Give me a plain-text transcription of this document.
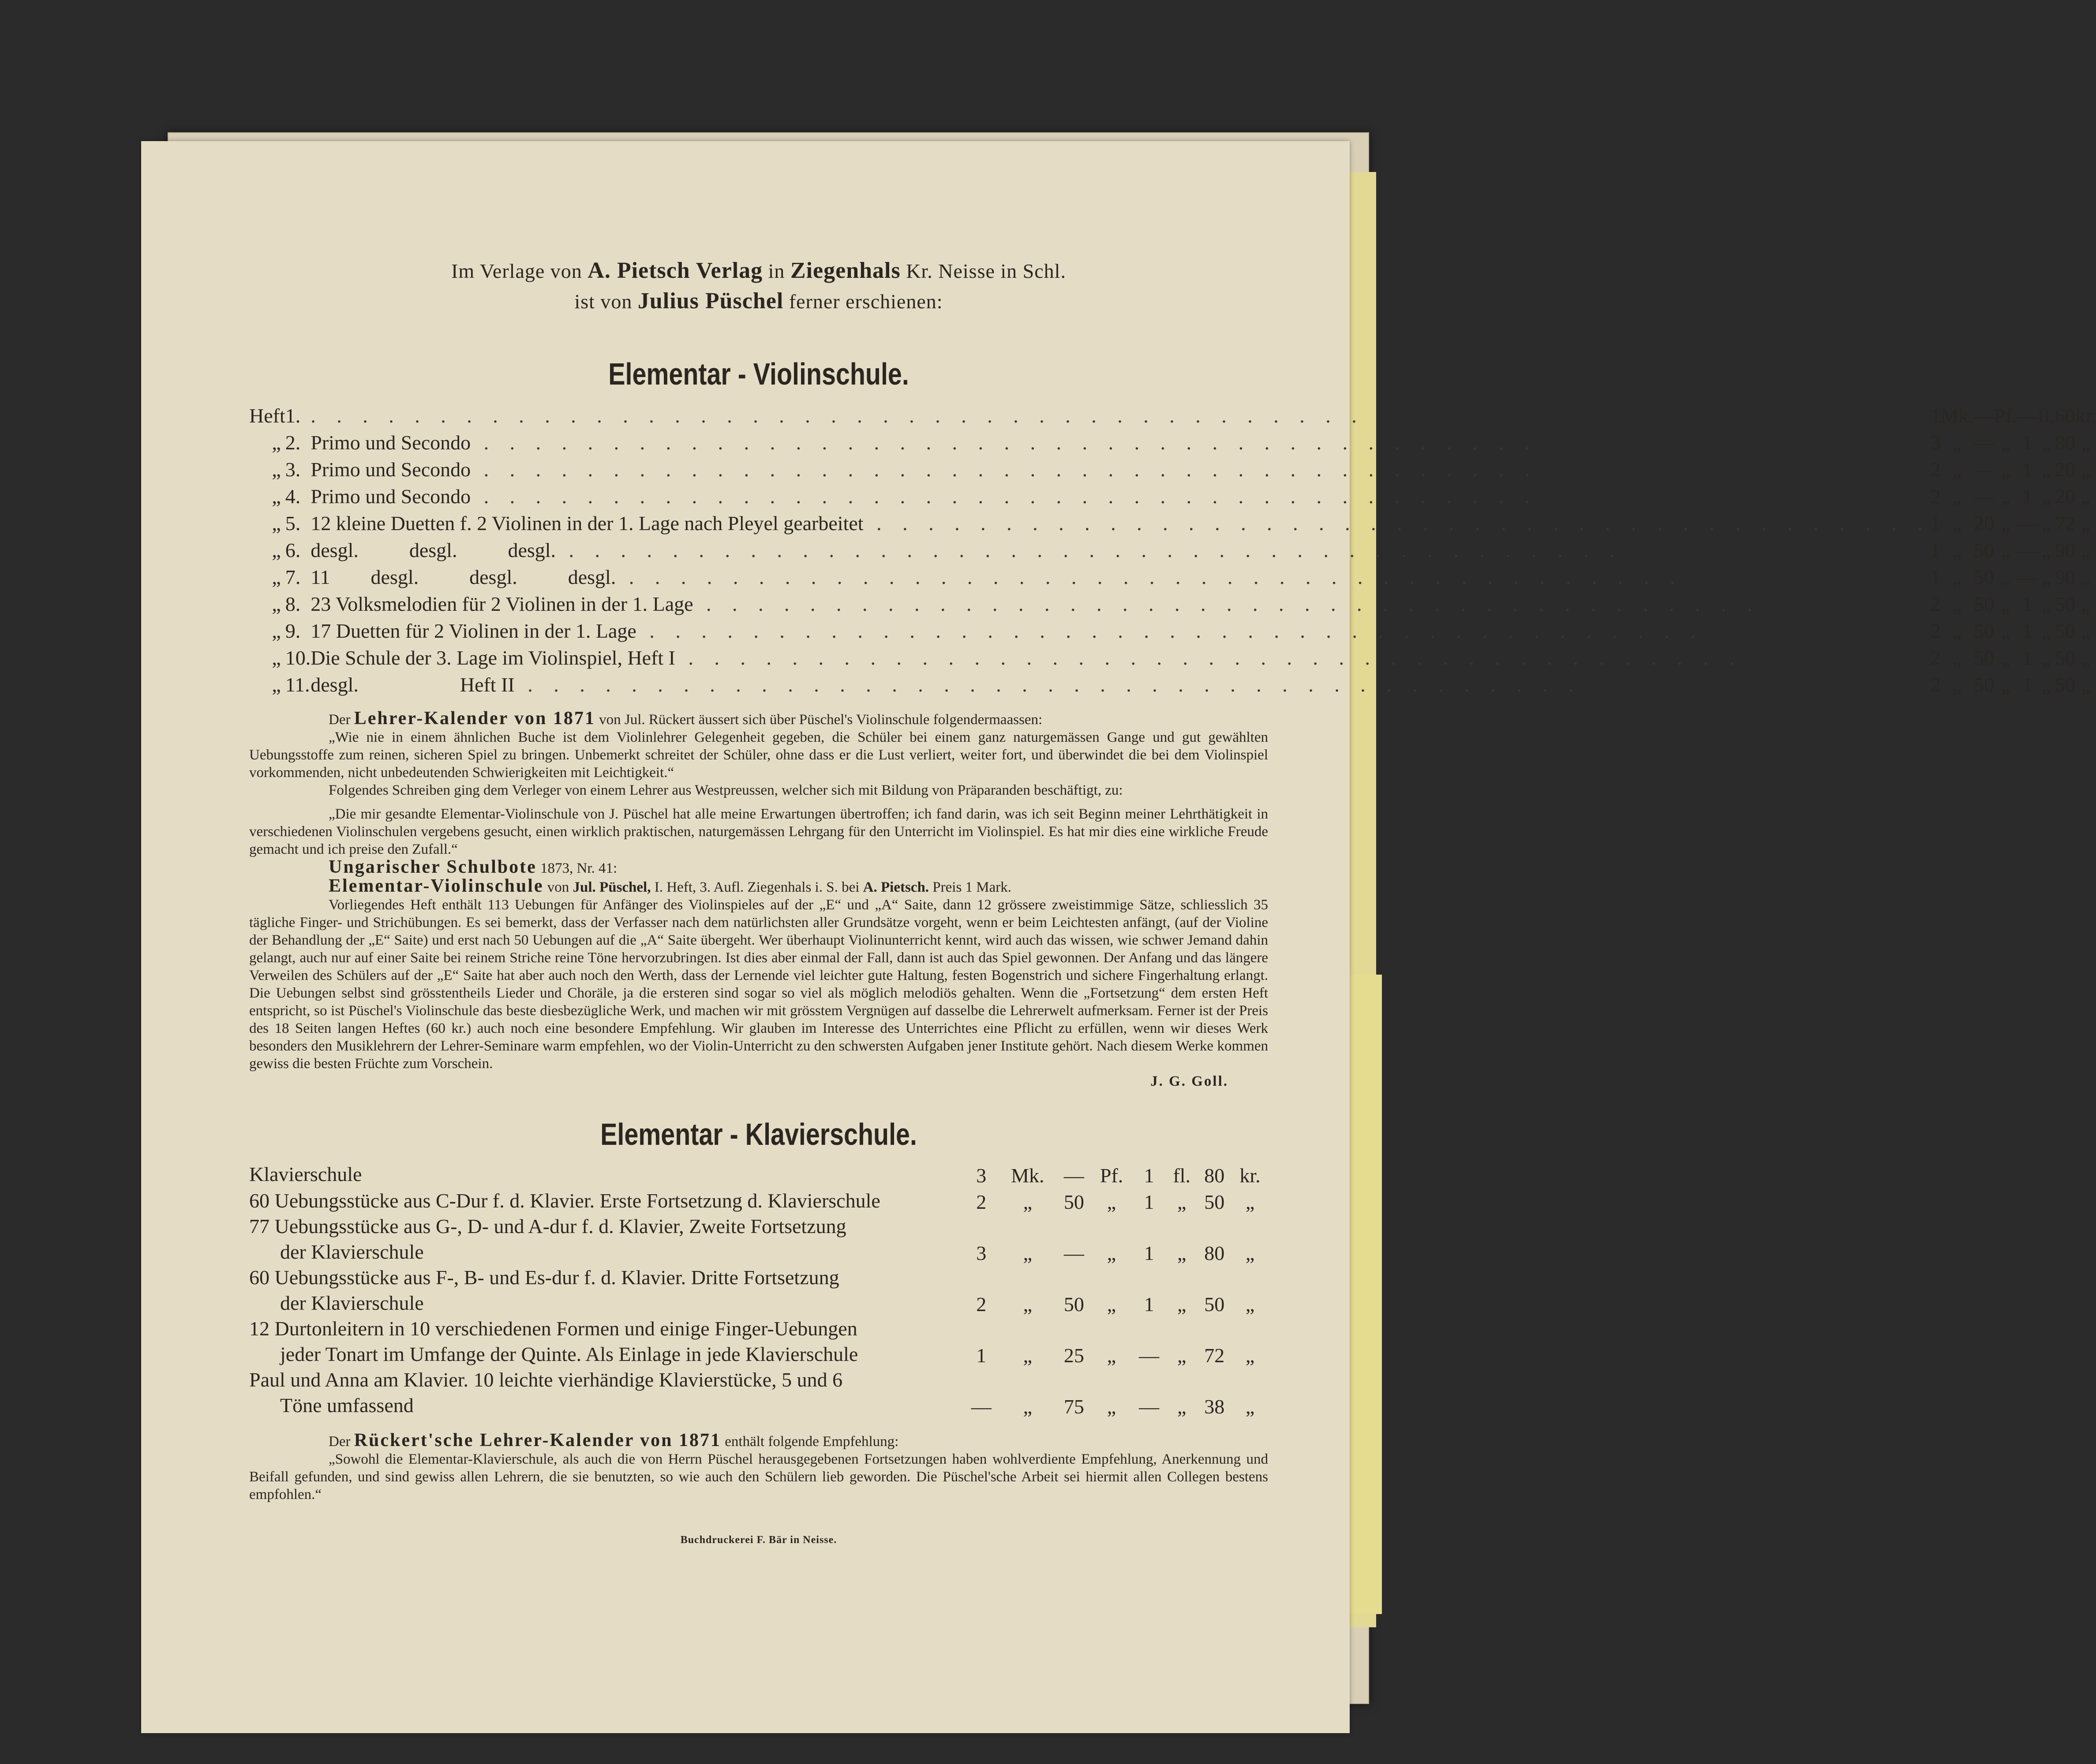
Im Verlage von A. Pietsch Verlag in Ziegenhals Kr. Neisse in Schl.
ist von Julius Püschel ferner erschienen:
Elementar - Violinschule.
Heft	1.	. . . . . . . . . . . . . . . . . . . . . . . . . . . . . . . . . . . . . . . . .	1	Mk.	—	Pf.	—	fl.	60	kr.
„	2.	Primo und Secondo . . . . . . . . . . . . . . . . . . . . . . . . . . . . . . . . . . . . . . . . .	3	„	—	„	1	„	80	„
„	3.	Primo und Secondo . . . . . . . . . . . . . . . . . . . . . . . . . . . . . . . . . . . . . . . . .	2	„	—	„	1	„	20	„
„	4.	Primo und Secondo . . . . . . . . . . . . . . . . . . . . . . . . . . . . . . . . . . . . . . . . .	2	„	—	„	1	„	20	„
„	5.	12 kleine Duetten f. 2 Violinen in der 1. Lage nach Pleyel gearbeitet . . . . . . . . . . . . . . . . . . . . . . . . . . . . . . . . . . . . . . . . .	1	„	20	„	—	„	72	„
„	6.	desgl.          desgl.          desgl. . . . . . . . . . . . . . . . . . . . . . . . . . . . . . . . . . . . . . . . . .	1	„	50	„	—	„	90	„
„	7.	11        desgl.          desgl.          desgl. . . . . . . . . . . . . . . . . . . . . . . . . . . . . . . . . . . . . . . . . .	1	„	50	„	—	„	90	„
„	8.	23 Volksmelodien für 2 Violinen in der 1. Lage . . . . . . . . . . . . . . . . . . . . . . . . . . . . . . . . . . . . . . . . .	2	„	50	„	1	„	50	„
„	9.	17 Duetten für 2 Violinen in der 1. Lage . . . . . . . . . . . . . . . . . . . . . . . . . . . . . . . . . . . . . . . . .	2	„	50	„	1	„	50	„
„	10.	Die Schule der 3. Lage im Violinspiel, Heft I . . . . . . . . . . . . . . . . . . . . . . . . . . . . . . . . . . . . . . . . .	2	„	50	„	1	„	50	„
„	11.	desgl.                    Heft II . . . . . . . . . . . . . . . . . . . . . . . . . . . . . . . . . . . . . . . . .	2	„	50	„	1	„	50	„

Der Lehrer-Kalender von 1871 von Jul. Rückert äussert sich über Püschel's Violinschule folgendermaassen:

„Wie nie in einem ähnlichen Buche ist dem Violinlehrer Gelegenheit gegeben, die Schüler bei einem ganz naturgemässen Gange und gut gewählten Uebungsstoffe zum reinen, sicheren Spiel zu bringen. Unbemerkt schreitet der Schüler, ohne dass er die Lust verliert, weiter fort, und überwindet die bei dem Violinspiel vorkommenden, nicht unbedeutenden Schwierigkeiten mit Leichtigkeit.“

Folgendes Schreiben ging dem Verleger von einem Lehrer aus Westpreussen, welcher sich mit Bildung von Präparanden beschäftigt, zu:

„Die mir gesandte Elementar-Violinschule von J. Püschel hat alle meine Erwartungen übertroffen; ich fand darin, was ich seit Beginn meiner Lehrthätigkeit in verschiedenen Violinschulen vergebens gesucht, einen wirklich praktischen, naturgemässen Lehrgang für den Unterricht im Violinspiel. Es hat mir dies eine wirkliche Freude gemacht und ich preise den Zufall.“

Ungarischer Schulbote 1873, Nr. 41:

Elementar-Violinschule von Jul. Püschel, I. Heft, 3. Aufl. Ziegenhals i. S. bei A. Pietsch. Preis 1 Mark.

Vorliegendes Heft enthält 113 Uebungen für Anfänger des Violinspieles auf der „E“ und „A“ Saite, dann 12 grössere zweistimmige Sätze, schliesslich 35 tägliche Finger- und Strichübungen. Es sei bemerkt, dass der Verfasser nach dem natürlichsten aller Grundsätze vorgeht, wenn er beim Leichtesten anfängt, (auf der Violine der Behandlung der „E“ Saite) und erst nach 50 Uebungen auf die „A“ Saite übergeht. Wer überhaupt Violinunterricht kennt, wird auch das wissen, wie schwer Jemand dahin gelangt, auch nur auf einer Saite bei reinem Striche reine Töne hervorzubringen. Ist dies aber einmal der Fall, dann ist auch das Spiel gewonnen. Der Anfang und das längere Verweilen des Schülers auf der „E“ Saite hat aber auch noch den Werth, dass der Lernende viel leichter gute Haltung, festen Bogenstrich und sichere Fingerhaltung erlangt. Die Uebungen selbst sind grösstentheils Lieder und Choräle, ja die ersteren sind sogar so viel als möglich melodiös gehalten. Wenn die „Fortsetzung“ dem ersten Heft entspricht, so ist Püschel's Violinschule das beste diesbezügliche Werk, und machen wir mit grösstem Vergnügen auf dasselbe die Lehrerwelt aufmerksam. Ferner ist der Preis des 18 Seiten langen Heftes (60 kr.) auch noch eine besondere Empfehlung. Wir glauben im Interesse des Unterrichtes eine Pflicht zu erfüllen, wenn wir dieses Werk besonders den Musiklehrern der Lehrer-Seminare warm empfehlen, wo der Violin-Unterricht zu den schwersten Aufgaben jener Institute gehört. Nach diesem Werke kommen gewiss die besten Früchte zum Vorschein.

J. G. Goll.

Elementar - Klavierschule.
Klavierschule	3	Mk.	—	Pf.	1	fl.	80	kr.
60 Uebungsstücke aus C-Dur f. d. Klavier. Erste Fortsetzung d. Klavierschule	2	„	50	„	1	„	50	„
77 Uebungsstücke aus G-, D- und A-dur f. d. Klavier, Zweite Fortsetzung
der Klavierschule	3	„	—	„	1	„	80	„
60 Uebungsstücke aus F-, B- und Es-dur f. d. Klavier. Dritte Fortsetzung
der Klavierschule	2	„	50	„	1	„	50	„
12 Durtonleitern in 10 verschiedenen Formen und einige Finger-Uebungen
jeder Tonart im Umfange der Quinte. Als Einlage in jede Klavierschule	1	„	25	„	—	„	72	„
Paul und Anna am Klavier. 10 leichte vierhändige Klavierstücke, 5 und 6
Töne umfassend	—	„	75	„	—	„	38	„

Der Rückert'sche Lehrer-Kalender von 1871 enthält folgende Empfehlung:

„Sowohl die Elementar-Klavierschule, als auch die von Herrn Püschel herausgegebenen Fortsetzungen haben wohlverdiente Empfehlung, Anerkennung und Beifall gefunden, und sind gewiss allen Lehrern, die sie benutzten, so wie auch den Schülern lieb geworden. Die Püschel'sche Arbeit sei hiermit allen Collegen bestens empfohlen.“

Buchdruckerei F. Bär in Neisse.
